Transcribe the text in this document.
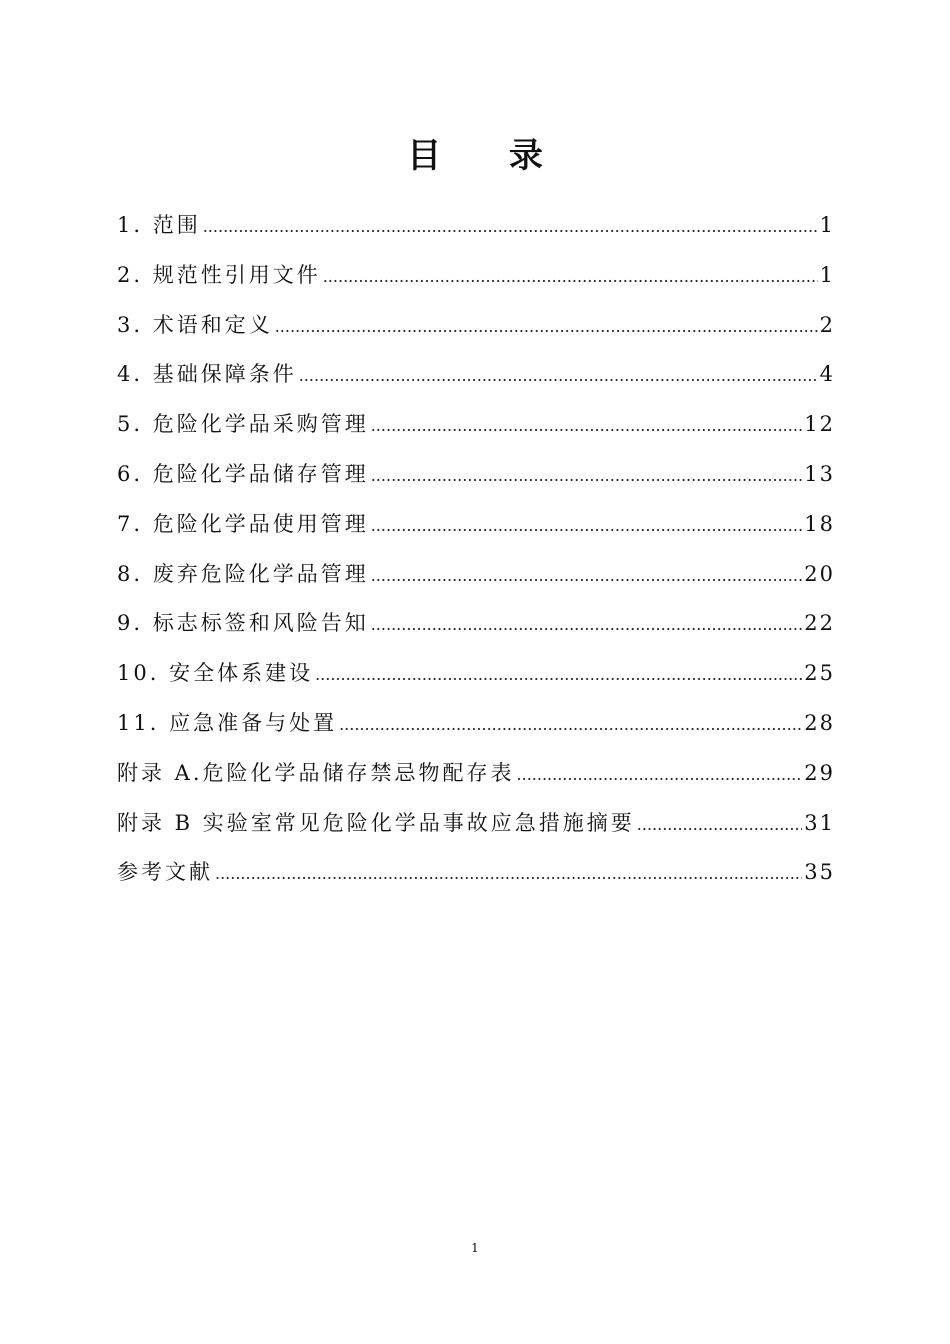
目 录
1. 范围 .....	1
2. 规范性引用文件 .....	1
3. 术语和定义 .....	2
4. 基础保障条件 .....	4
5. 危险化学品采购管理 .....	12
6. 危险化学品储存管理 .....	13
7. 危险化学品使用管理 .....	18
8. 废弃危险化学品管理 .....	20
9. 标志标签和风险告知 .....	22
10. 安全体系建设 .....	25
11. 应急准备与处置 .....	28
附录 A.危险化学品储存禁忌物配存表 .....	29
附录 B 实验室常见危险化学品事故应急措施摘要 .....	31
参考文献 .....	35
1
